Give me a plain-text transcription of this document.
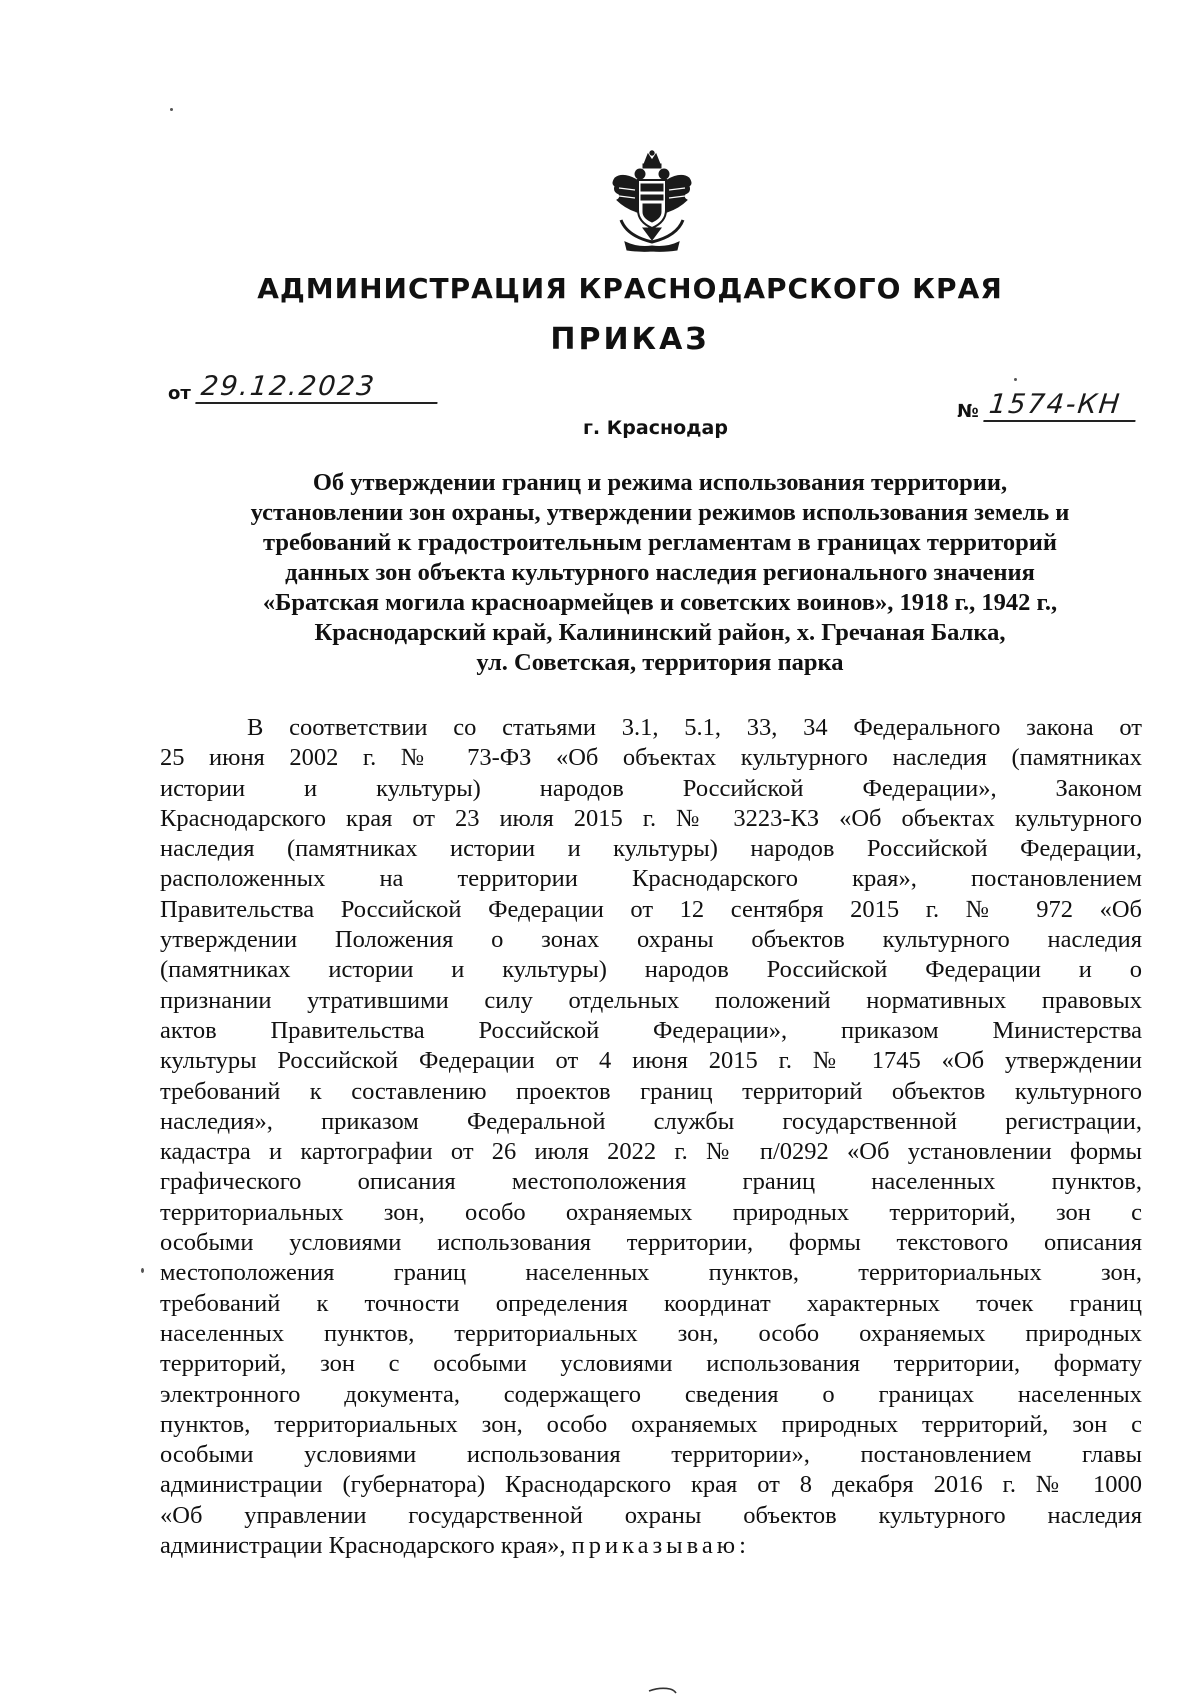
АДМИНИСТРАЦИЯ КРАСНОДАРСКОГО КРАЯ
ПРИКАЗ
от 29.12.2023
№ 1574-КН

г. Краснодар

Об утверждении границ и режима использования территории,
установлении зон охраны, утверждении режимов использования земель и
требований к градостроительным регламентам в границах территорий
данных зон объекта культурного наследия регионального значения
«Братская могила красноармейцев и советских воинов», 1918 г., 1942 г.,
Краснодарский край, Калининский район, х. Гречаная Балка,
ул. Советская, территория парка
В соответствии со статьями 3.1, 5.1, 33, 34 Федерального закона от
25 июня 2002 г. № 73-ФЗ «Об объектах культурного наследия (памятниках
истории и культуры) народов Российской Федерации», Законом
Краснодарского края от 23 июля 2015 г. № 3223-КЗ «Об объектах культурного
наследия (памятниках истории и культуры) народов Российской Федерации,
расположенных на территории Краснодарского края», постановлением
Правительства Российской Федерации от 12 сентября 2015 г. № 972 «Об
утверждении Положения о зонах охраны объектов культурного наследия
(памятниках истории и культуры) народов Российской Федерации и о
признании утратившими силу отдельных положений нормативных правовых
актов Правительства Российской Федерации», приказом Министерства
культуры Российской Федерации от 4 июня 2015 г. № 1745 «Об утверждении
требований к составлению проектов границ территорий объектов культурного
наследия», приказом Федеральной службы государственной регистрации,
кадастра и картографии от 26 июля 2022 г. № п/0292 «Об установлении формы
графического описания местоположения границ населенных пунктов,
территориальных зон, особо охраняемых природных территорий, зон с
особыми условиями использования территории, формы текстового описания
местоположения границ населенных пунктов, территориальных зон,
требований к точности определения координат характерных точек границ
населенных пунктов, территориальных зон, особо охраняемых природных
территорий, зон с особыми условиями использования территории, формату
электронного документа, содержащего сведения о границах населенных
пунктов, территориальных зон, особо охраняемых природных территорий, зон с
особыми условиями использования территории», постановлением главы
администрации (губернатора) Краснодарского края от 8 декабря 2016 г. № 1000
«Об управлении государственной охраны объектов культурного наследия
администрации Краснодарского края», приказываю:
